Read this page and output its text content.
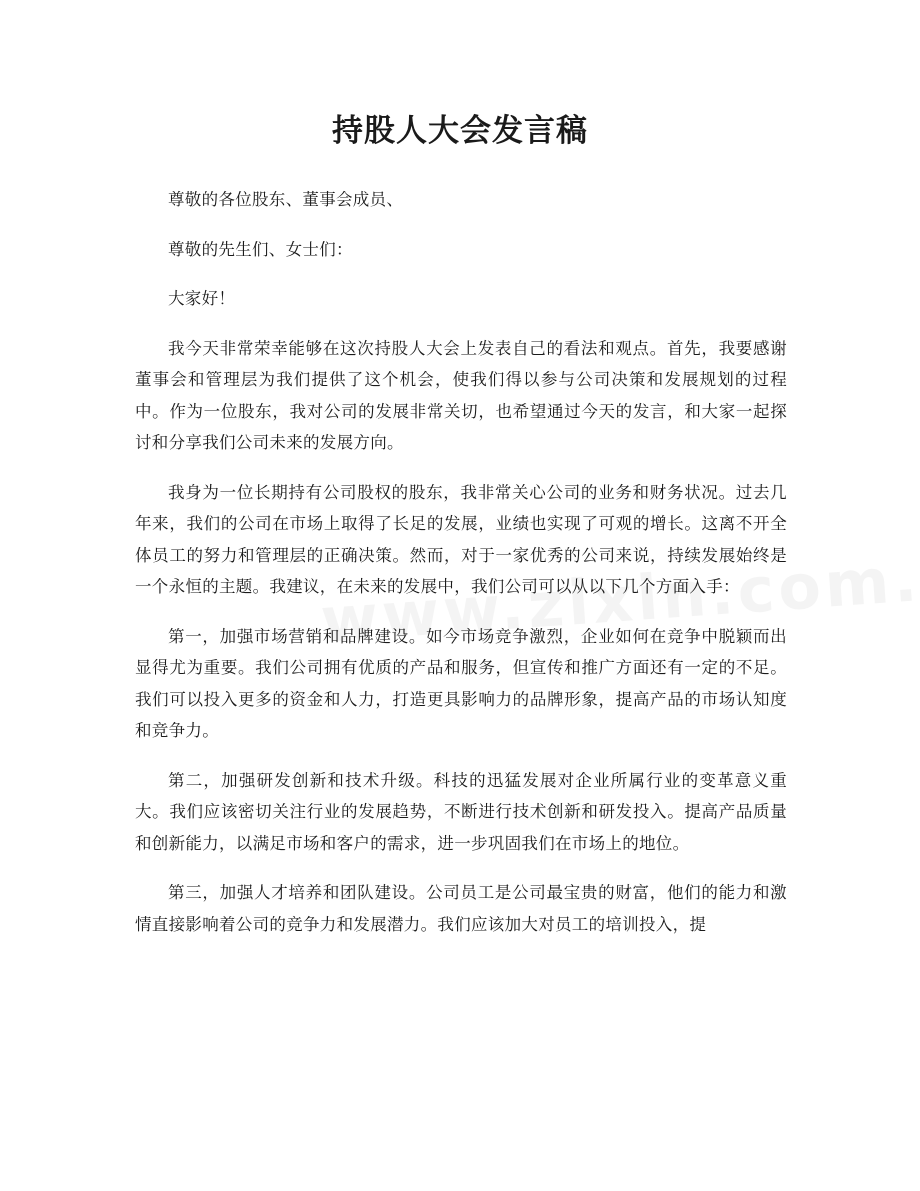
持股人大会发言稿

尊敬的各位股东、董事会成员、

尊敬的先生们、女士们：

大家好！

我今天非常荣幸能够在这次持股人大会上发表自己的看法和观点。首先，我要感谢董事会和管理层为我们提供了这个机会，使我们得以参与公司决策和发展规划的过程中。作为一位股东，我对公司的发展非常关切，也希望通过今天的发言，和大家一起探讨和分享我们公司未来的发展方向。

我身为一位长期持有公司股权的股东，我非常关心公司的业务和财务状况。过去几年来，我们的公司在市场上取得了长足的发展，业绩也实现了可观的增长。这离不开全体员工的努力和管理层的正确决策。然而，对于一家优秀的公司来说，持续发展始终是一个永恒的主题。我建议，在未来的发展中，我们公司可以从以下几个方面入手：

第一，加强市场营销和品牌建设。如今市场竞争激烈，企业如何在竞争中脱颖而出显得尤为重要。我们公司拥有优质的产品和服务，但宣传和推广方面还有一定的不足。我们可以投入更多的资金和人力，打造更具影响力的品牌形象，提高产品的市场认知度和竞争力。

第二，加强研发创新和技术升级。科技的迅猛发展对企业所属行业的变革意义重大。我们应该密切关注行业的发展趋势，不断进行技术创新和研发投入。提高产品质量和创新能力，以满足市场和客户的需求，进一步巩固我们在市场上的地位。

第三，加强人才培养和团队建设。公司员工是公司最宝贵的财富，他们的能力和激情直接影响着公司的竞争力和发展潜力。我们应该加大对员工的培训投入，提
